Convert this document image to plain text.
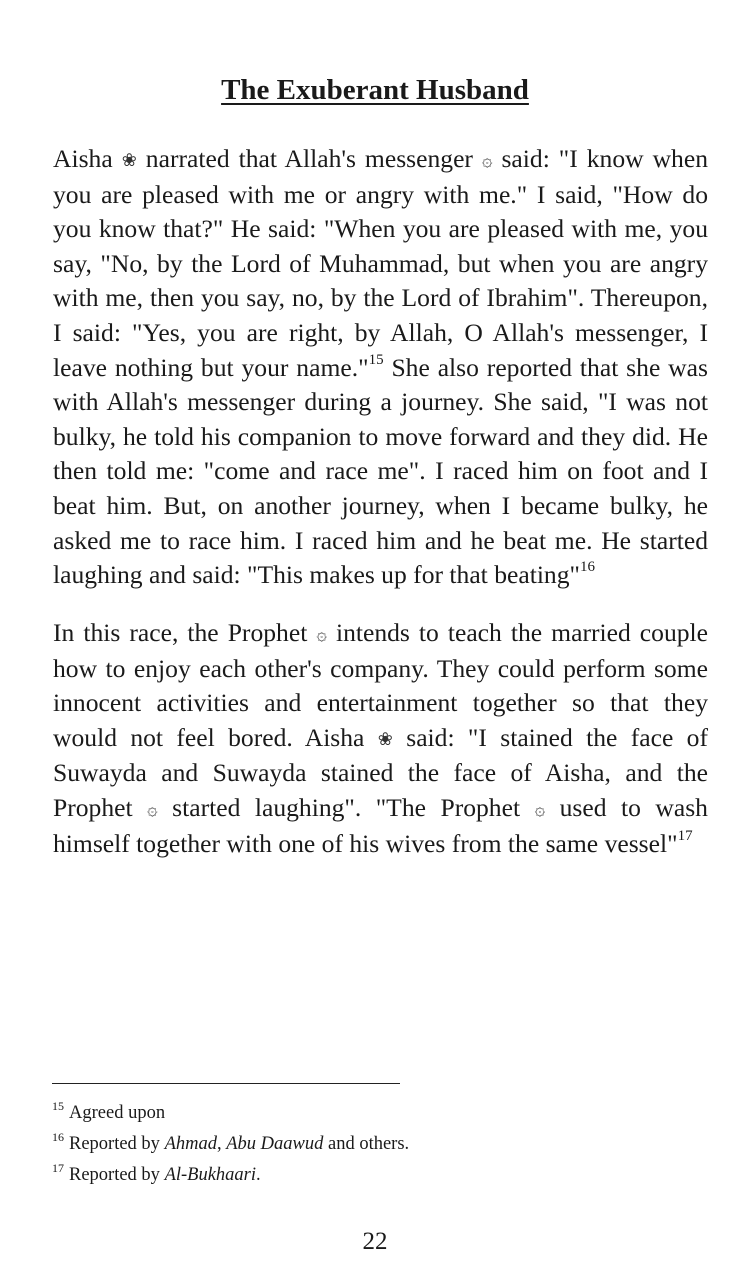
The Exuberant Husband

Aisha ❀ narrated that Allah's messenger ۞ said: "I know when you are pleased with me or angry with me." I said, "How do you know that?" He said: "When you are pleased with me, you say, "No, by the Lord of Muhammad, but when you are angry with me, then you say, no, by the Lord of Ibrahim". Thereupon, I said: "Yes, you are right, by Allah, O Allah's messenger, I leave nothing but your name."$^{15}$ She also reported that she was with Allah's messenger during a journey. She said, "I was not bulky, he told his companion to move forward and they did. He then told me: "come and race me". I raced him on foot and I beat him. But, on another journey, when I became bulky, he asked me to race him. I raced him and he beat me. He started laughing and said: "This makes up for that beating"$^{16}$

In this race, the Prophet ۞ intends to teach the married couple how to enjoy each other's company. They could perform some innocent activities and entertainment together so that they would not feel bored. Aisha ❀ said: "I stained the face of Suwayda and Suwayda stained the face of Aisha, and the Prophet ۞ started laughing". "The Prophet ۞ used to wash himself together with one of his wives from the same vessel"$^{17}$

$^{15}$ Agreed upon

$^{16}$ Reported by Ahmad, Abu Daawud and others.

$^{17}$ Reported by Al-Bukhaari.

22
